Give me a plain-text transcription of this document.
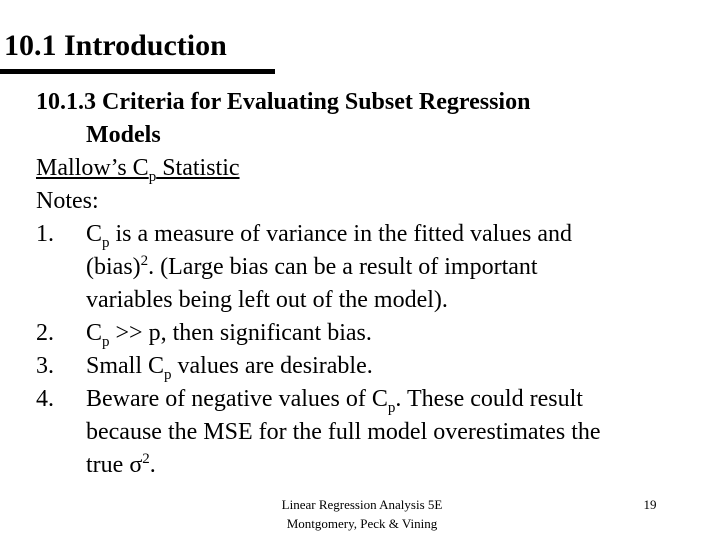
10.1 Introduction
10.1.3 Criteria for Evaluating Subset Regression
Models
Mallow’s $C_p$ Statistic
Notes:
1. $C_p$ is a measure of variance in the fitted values and
(bias)$^2$. (Large bias can be a result of important
variables being left out of the model).
2. $C_p >> p$, then significant bias.
3. Small $C_p$ values are desirable.
4. Beware of negative values of $C_p$. These could result
because the MSE for the full model overestimates the
true $\sigma^2$.
Linear Regression Analysis 5E
Montgomery, Peck & Vining
19
